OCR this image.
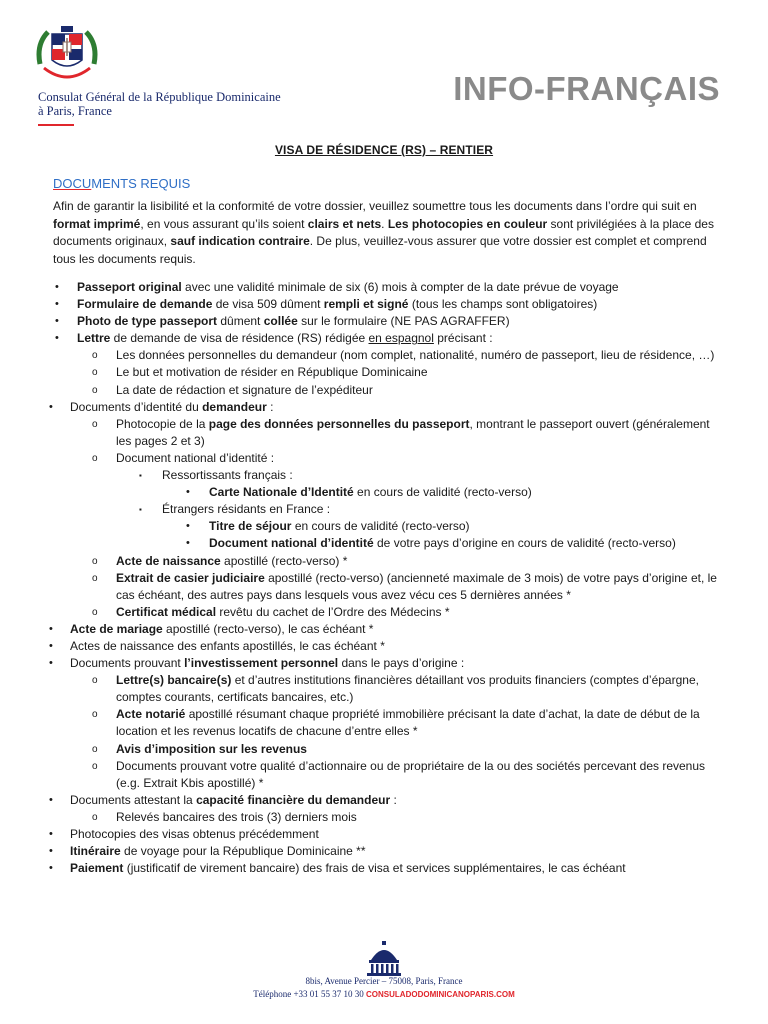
Consulat Général de la République Dominicaine
à Paris, France
INFO-FRANÇAIS
VISA DE RÉSIDENCE (RS) – RENTIER
DOCUMENTS REQUIS
Afin de garantir la lisibilité et la conformité de votre dossier, veuillez soumettre tous les documents dans l’ordre qui suit en format imprimé, en vous assurant qu’ils soient clairs et nets. Les photocopies en couleur sont privilégiées à la place des documents originaux, sauf indication contraire. De plus, veuillez-vous assurer que votre dossier est complet et comprend tous les documents requis.
• Passeport original avec une validité minimale de six (6) mois à compter de la date prévue de voyage
• Formulaire de demande de visa 509 dûment rempli et signé (tous les champs sont obligatoires)
• Photo de type passeport dûment collée sur le formulaire (NE PAS AGRAFFER)
• Lettre de demande de visa de résidence (RS) rédigée en espagnol précisant :
o Les données personnelles du demandeur (nom complet, nationalité, numéro de passeport, lieu de résidence, …)
o Le but et motivation de résider en République Dominicaine
o La date de rédaction et signature de l’expéditeur
• Documents d’identité du demandeur :
o Photocopie de la page des données personnelles du passeport, montrant le passeport ouvert (généralement les pages 2 et 3)
o Document national d’identité :
▪ Ressortissants français :
• Carte Nationale d’Identité en cours de validité (recto-verso)
▪ Étrangers résidants en France :
• Titre de séjour en cours de validité (recto-verso)
• Document national d’identité de votre pays d’origine en cours de validité (recto-verso)
o Acte de naissance apostillé (recto-verso) *
o Extrait de casier judiciaire apostillé (recto-verso) (ancienneté maximale de 3 mois) de votre pays d’origine et, le cas échéant, des autres pays dans lesquels vous avez vécu ces 5 dernières années *
o Certificat médical revêtu du cachet de l’Ordre des Médecins *
• Acte de mariage apostillé (recto-verso), le cas échéant *
• Actes de naissance des enfants apostillés, le cas échéant *
• Documents prouvant l’investissement personnel dans le pays d’origine :
o Lettre(s) bancaire(s) et d’autres institutions financières détaillant vos produits financiers (comptes d’épargne, comptes courants, certificats bancaires, etc.)
o Acte notarié apostillé résumant chaque propriété immobilière précisant la date d’achat, la date de début de la location et les revenus locatifs de chacune d’entre elles *
o Avis d’imposition sur les revenus
o Documents prouvant votre qualité d’actionnaire ou de propriétaire de la ou des sociétés percevant des revenus (e.g. Extrait Kbis apostillé) *
• Documents attestant la capacité financière du demandeur :
o Relevés bancaires des trois (3) derniers mois
• Photocopies des visas obtenus précédemment
• Itinéraire de voyage pour la République Dominicaine **
• Paiement (justificatif de virement bancaire) des frais de visa et services supplémentaires, le cas échéant
8bis, Avenue Percier – 75008, Paris, France
Téléphone +33 01 55 37 10 30 CONSULADODOMINICANOPARIS.COM
